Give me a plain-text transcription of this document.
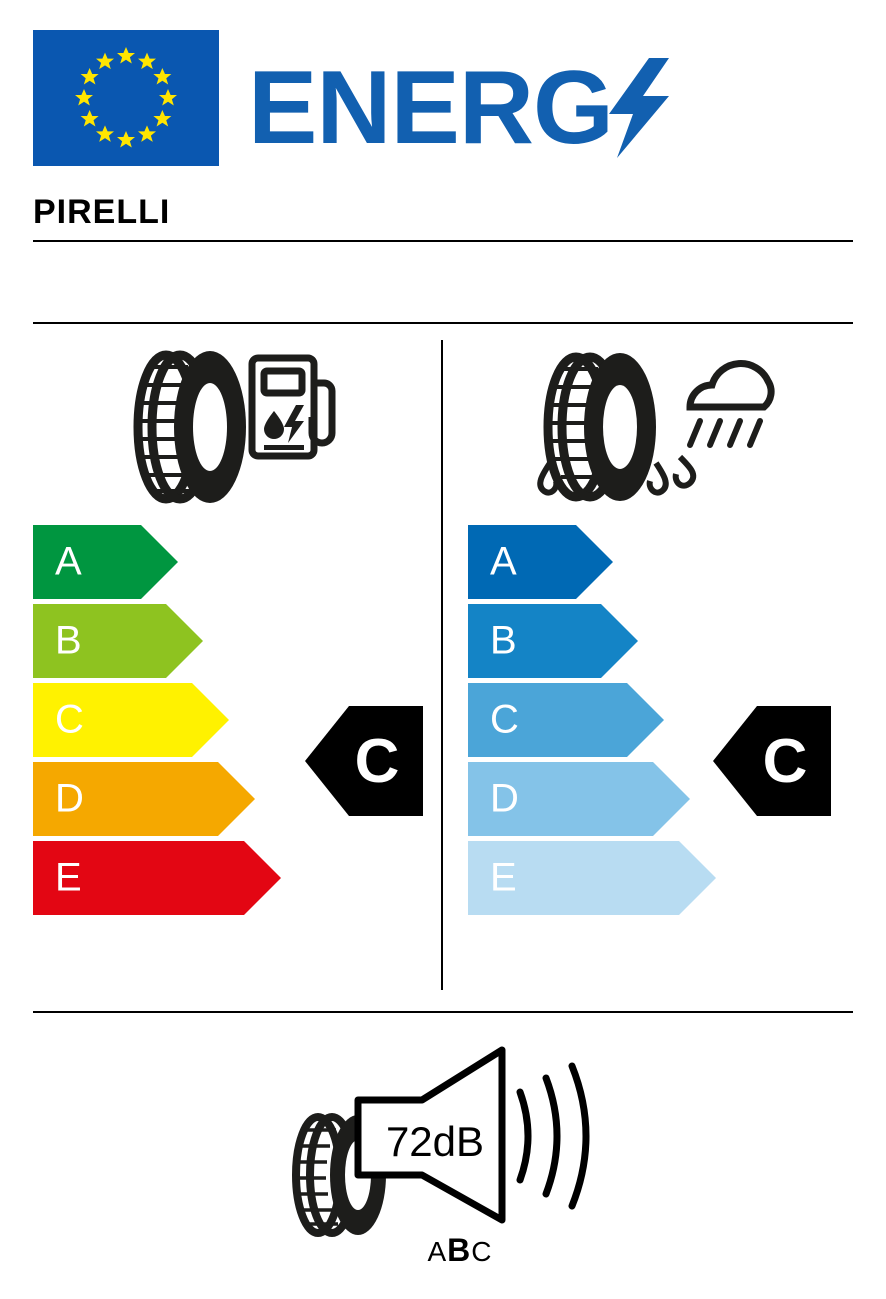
ENERG
PIRELLI
A
B
C
D
E
C
A
B
C
D
E
C
72dB
ABC
